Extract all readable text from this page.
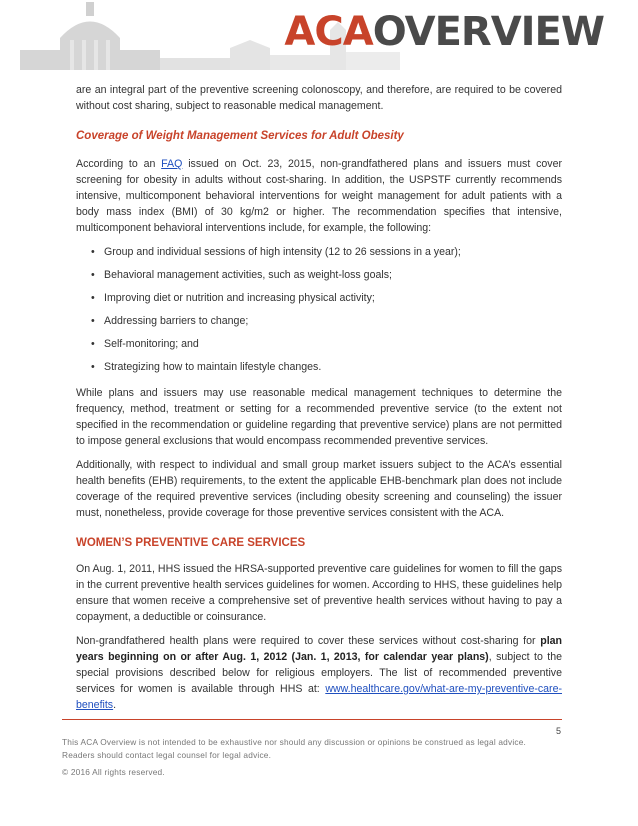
ACAOVERVIEW

are an integral part of the preventive screening colonoscopy, and therefore, are required to be covered without cost sharing, subject to reasonable medical management.

Coverage of Weight Management Services for Adult Obesity

According to an FAQ issued on Oct. 23, 2015, non-grandfathered plans and issuers must cover screening for obesity in adults without cost-sharing. In addition, the USPSTF currently recommends intensive, multicomponent behavioral interventions for weight management for adult patients with a body mass index (BMI) of 30 kg/m2 or higher. The recommendation specifies that intensive, multicomponent behavioral interventions include, for example, the following:

• Group and individual sessions of high intensity (12 to 26 sessions in a year);
• Behavioral management activities, such as weight-loss goals;
• Improving diet or nutrition and increasing physical activity;
• Addressing barriers to change;
• Self-monitoring; and
• Strategizing how to maintain lifestyle changes.

While plans and issuers may use reasonable medical management techniques to determine the frequency, method, treatment or setting for a recommended preventive service (to the extent not specified in the recommendation or guideline regarding that preventive service) plans are not permitted to impose general exclusions that would encompass recommended preventive services.

Additionally, with respect to individual and small group market issuers subject to the ACA’s essential health benefits (EHB) requirements, to the extent the applicable EHB-benchmark plan does not include coverage of the required preventive services (including obesity screening and counseling) the issuer must, nonetheless, provide coverage for those preventive services consistent with the ACA.

WOMEN’S PREVENTIVE CARE SERVICES

On Aug. 1, 2011, HHS issued the HRSA-supported preventive care guidelines for women to fill the gaps in the current preventive health services guidelines for women. According to HHS, these guidelines help ensure that women receive a comprehensive set of preventive health services without having to pay a copayment, a deductible or coinsurance.

Non-grandfathered health plans were required to cover these services without cost-sharing for plan years beginning on or after Aug. 1, 2012 (Jan. 1, 2013, for calendar year plans), subject to the special provisions described below for religious employers. The list of recommended preventive services for women is available through HHS at: www.healthcare.gov/what-are-my-preventive-care-benefits.

5
This ACA Overview is not intended to be exhaustive nor should any discussion or opinions be construed as legal advice. Readers should contact legal counsel for legal advice.
© 2016 All rights reserved.
